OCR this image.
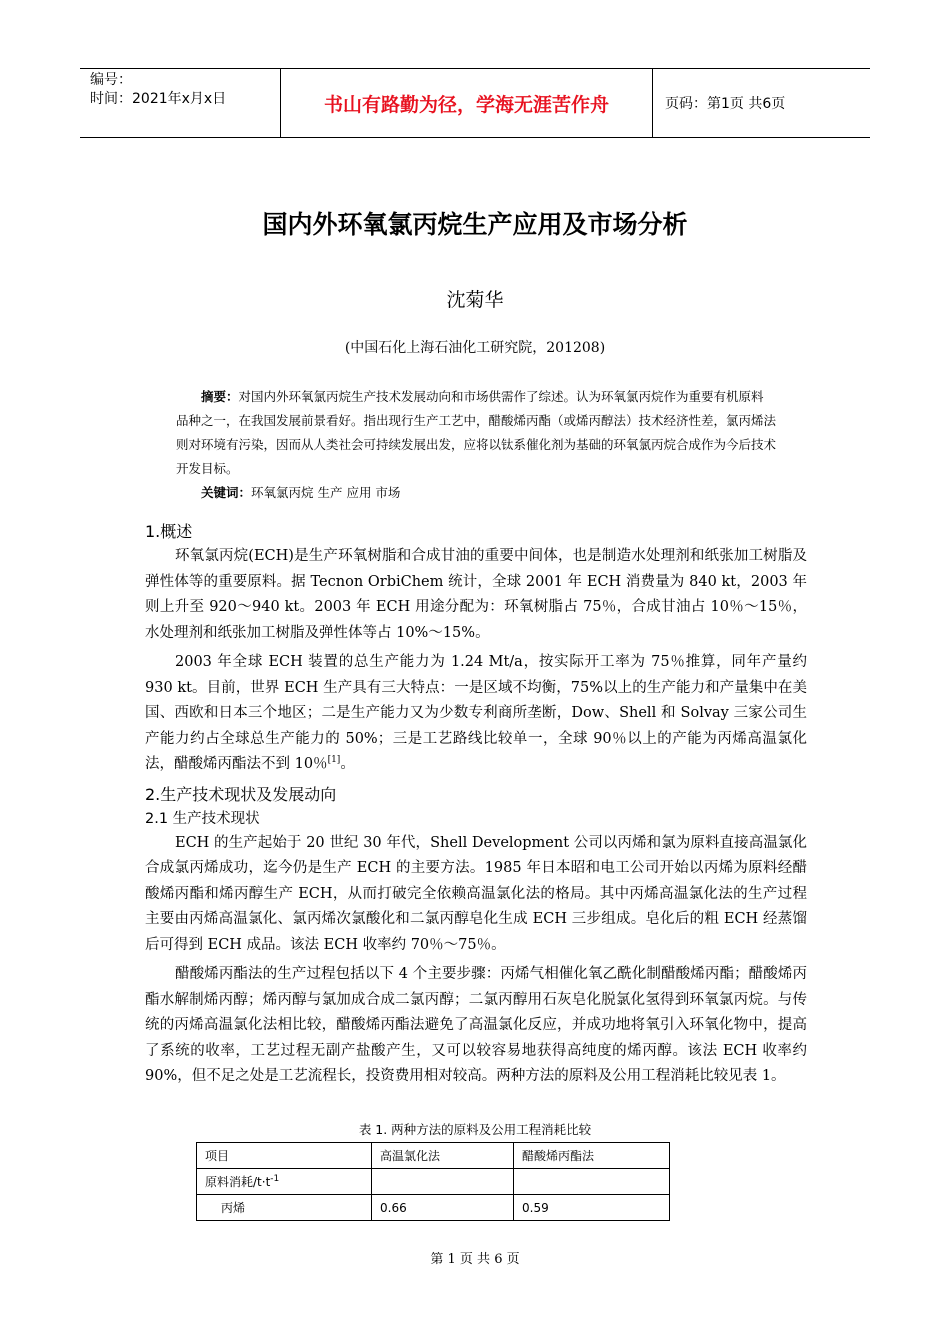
编号：
时间：2021年x月x日	书山有路勤为径，学海无涯苦作舟	页码：第1页 共6页
国内外环氧氯丙烷生产应用及市场分析
沈菊华
(中国石化上海石油化工研究院，201208)

摘要：对国内外环氧氯丙烷生产技术发展动向和市场供需作了综述。认为环氧氯丙烷作为重要有机原料品种之一，在我国发展前景看好。指出现行生产工艺中，醋酸烯丙酯（或烯丙醇法）技术经济性差，氯丙烯法则对环境有污染，因而从人类社会可持续发展出发，应将以钛系催化剂为基础的环氧氯丙烷合成作为今后技术开发目标。

关键词：环氧氯丙烷 生产 应用 市场

1.概述

环氧氯丙烷(ECH)是生产环氧树脂和合成甘油的重要中间体，也是制造水处理剂和纸张加工树脂及弹性体等的重要原料。据 Tecnon OrbiChem 统计，全球 2001 年 ECH 消费量为 840 kt，2003 年则上升至 920～940 kt。2003 年 ECH 用途分配为：环氧树脂占 75％，合成甘油占 10％～15％，水处理剂和纸张加工树脂及弹性体等占 10%～15%。

2003 年全球 ECH 装置的总生产能力为 1.24 Mt/a，按实际开工率为 75％推算，同年产量约 930 kt。目前，世界 ECH 生产具有三大特点：一是区域不均衡，75%以上的生产能力和产量集中在美国、西欧和日本三个地区；二是生产能力又为少数专利商所垄断，Dow、Shell 和 Solvay 三家公司生产能力约占全球总生产能力的 50%；三是工艺路线比较单一，全球 90％以上的产能为丙烯高温氯化法，醋酸烯丙酯法不到 10％[1]。

2.生产技术现状及发展动向
2.1 生产技术现状

ECH 的生产起始于 20 世纪 30 年代，Shell Development 公司以丙烯和氯为原料直接高温氯化合成氯丙烯成功，迄今仍是生产 ECH 的主要方法。1985 年日本昭和电工公司开始以丙烯为原料经醋酸烯丙酯和烯丙醇生产 ECH，从而打破完全依赖高温氯化法的格局。其中丙烯高温氯化法的生产过程主要由丙烯高温氯化、氯丙烯次氯酸化和二氯丙醇皂化生成 ECH 三步组成。皂化后的粗 ECH 经蒸馏后可得到 ECH 成品。该法 ECH 收率约 70％～75％。

醋酸烯丙酯法的生产过程包括以下 4 个主要步骤：丙烯气相催化氧乙酰化制醋酸烯丙酯；醋酸烯丙酯水解制烯丙醇；烯丙醇与氯加成合成二氯丙醇；二氯丙醇用石灰皂化脱氯化氢得到环氧氯丙烷。与传统的丙烯高温氯化法相比较，醋酸烯丙酯法避免了高温氯化反应，并成功地将氧引入环氧化物中，提高了系统的收率，工艺过程无副产盐酸产生，又可以较容易地获得高纯度的烯丙醇。该法 ECH 收率约 90%，但不足之处是工艺流程长，投资费用相对较高。两种方法的原料及公用工程消耗比较见表 1。

表 1. 两种方法的原料及公用工程消耗比较
项目	高温氯化法	醋酸烯丙酯法
原料消耗$/t\cdot t^{-1}$		
丙烯	0.66	0.59
第 1 页 共 6 页
